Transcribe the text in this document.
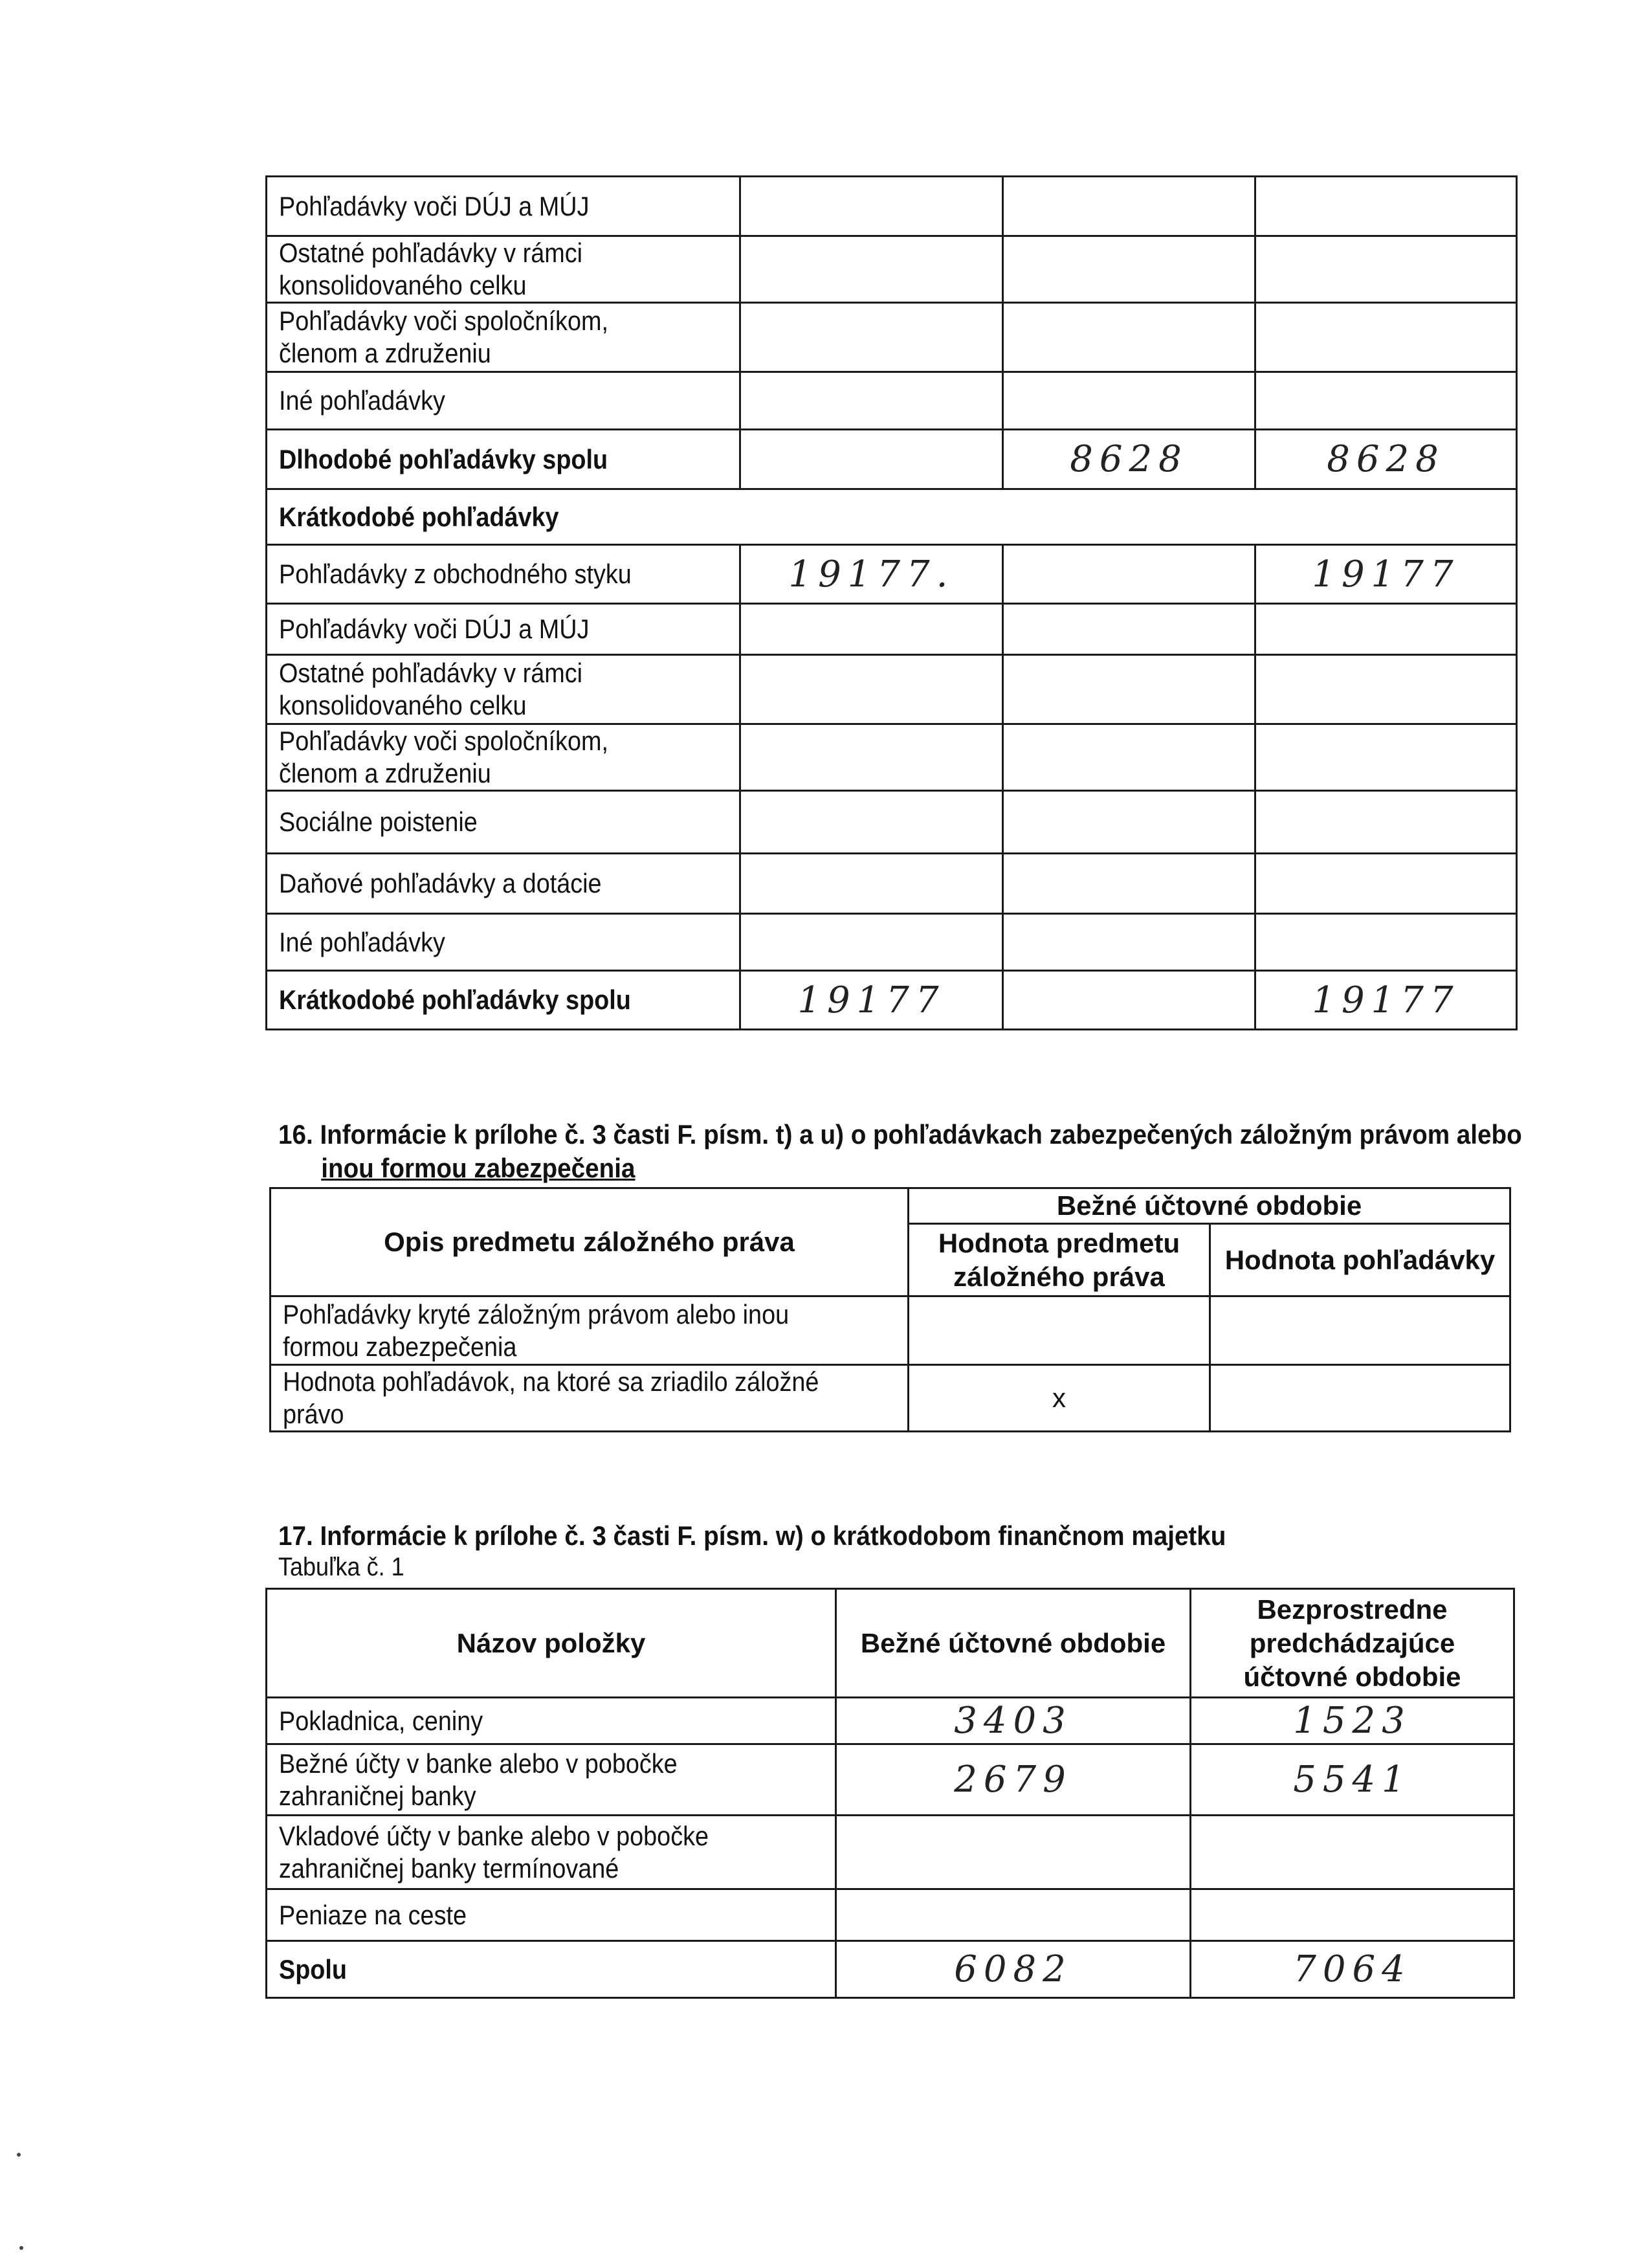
Pohľadávky voči DÚJ a MÚJ			

Ostatné pohľadávky v rámci konsolidovaného celku			

Pohľadávky voči spoločníkom, členom a združeniu			

Iné pohľadávky			

Dlhodobé pohľadávky spolu		8628	8628

Krátkodobé pohľadávky			

Pohľadávky z obchodného styku	19177.		19177

Pohľadávky voči DÚJ a MÚJ			

Ostatné pohľadávky v rámci konsolidovaného celku			

Pohľadávky voči spoločníkom, členom a združeniu			

Sociálne poistenie			

Daňové pohľadávky a dotácie			

Iné pohľadávky			

Krátkodobé pohľadávky spolu	19177		19177
16. Informácie k prílohe č. 3 časti F. písm. t) a u) o pohľadávkach zabezpečených záložným právom alebo
inou formou zabezpečenia
Opis predmetu záložného práva	Bežné účtovné obdobie	
	Hodnota predmetu záložného práva	Hodnota pohľadávky

Pohľadávky kryté záložným právom alebo inou formou zabezpečenia		

Hodnota pohľadávok, na ktoré sa zriadilo záložné právo	x	
17. Informácie k prílohe č. 3 časti F. písm. w) o krátkodobom finančnom majetku
Tabuľka č. 1
Názov položky	Bežné účtovné obdobie	Bezprostredne predchádzajúce účtovné obdobie

Pokladnica, ceniny	3403	1523

Bežné účty v banke alebo v pobočke zahraničnej banky	2679	5541

Vkladové účty v banke alebo v pobočke zahraničnej banky termínované		

Peniaze na ceste		

Spolu	6082	7064
